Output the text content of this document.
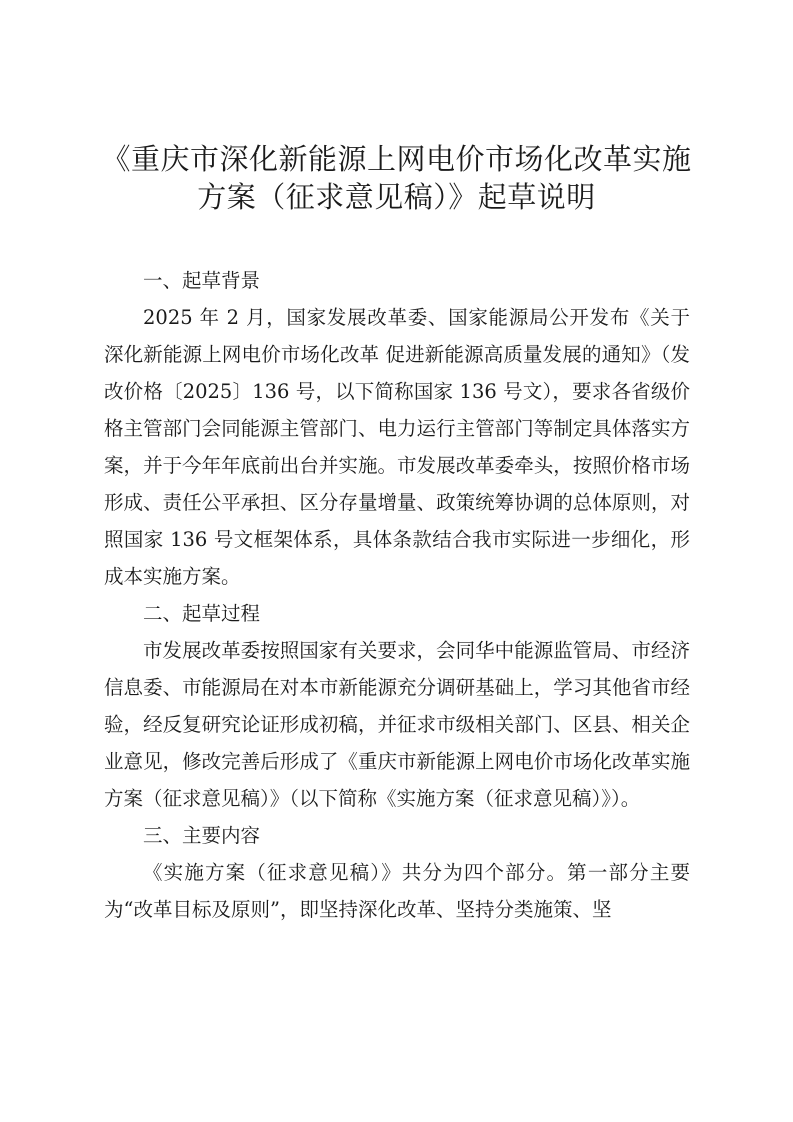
《重庆市深化新能源上网电价市场化改革实施方案（征求意见稿）》起草说明

一、起草背景

2025 年 2 月，国家发展改革委、国家能源局公开发布《关于深化新能源上网电价市场化改革 促进新能源高质量发展的通知》（发改价格〔2025〕136 号，以下简称国家 136 号文），要求各省级价格主管部门会同能源主管部门、电力运行主管部门等制定具体落实方案，并于今年年底前出台并实施。市发展改革委牵头，按照价格市场形成、责任公平承担、区分存量增量、政策统筹协调的总体原则，对照国家 136 号文框架体系，具体条款结合我市实际进一步细化，形成本实施方案。

二、起草过程

市发展改革委按照国家有关要求，会同华中能源监管局、市经济信息委、市能源局在对本市新能源充分调研基础上，学习其他省市经验，经反复研究论证形成初稿，并征求市级相关部门、区县、相关企业意见，修改完善后形成了《重庆市新能源上网电价市场化改革实施方案（征求意见稿）》（以下简称《实施方案（征求意见稿）》）。

三、主要内容

《实施方案（征求意见稿）》共分为四个部分。第一部分主要为“改革目标及原则”，即坚持深化改革、坚持分类施策、坚
